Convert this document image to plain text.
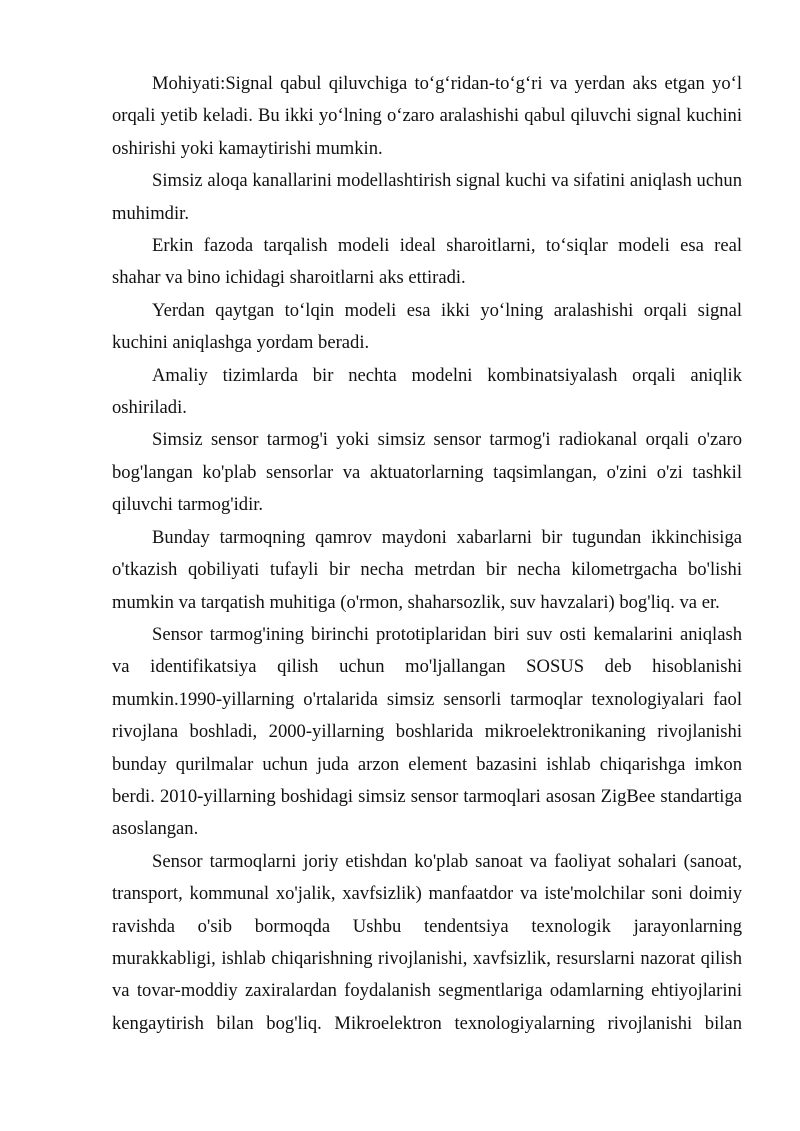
Mohiyati:Signal qabul qiluvchiga to‘g‘ridan-to‘g‘ri va yerdan aks etgan yo‘l orqali yetib keladi. Bu ikki yo‘lning o‘zaro aralashishi qabul qiluvchi signal kuchini oshirishi yoki kamaytirishi mumkin.

Simsiz aloqa kanallarini modellashtirish signal kuchi va sifatini aniqlash uchun muhimdir.

Erkin fazoda tarqalish modeli ideal sharoitlarni, to‘siqlar modeli esa real shahar va bino ichidagi sharoitlarni aks ettiradi.

Yerdan qaytgan to‘lqin modeli esa ikki yo‘lning aralashishi orqali signal kuchini aniqlashga yordam beradi.

Amaliy tizimlarda bir nechta modelni kombinatsiyalash orqali aniqlik oshiriladi.

Simsiz sensor tarmog'i yoki simsiz sensor tarmog'i radiokanal orqali o'zaro bog'langan ko'plab sensorlar va aktuatorlarning taqsimlangan, o'zini o'zi tashkil qiluvchi tarmog'idir.

Bunday tarmoqning qamrov maydoni xabarlarni bir tugundan ikkinchisiga o'tkazish qobiliyati tufayli bir necha metrdan bir necha kilometrgacha bo'lishi mumkin va tarqatish muhitiga (o'rmon, shaharsozlik, suv havzalari) bog'liq. va er.

Sensor tarmog'ining birinchi prototiplaridan biri suv osti kemalarini aniqlash va identifikatsiya qilish uchun mo'ljallangan SOSUS deb hisoblanishi mumkin.1990-yillarning o'rtalarida simsiz sensorli tarmoqlar texnologiyalari faol rivojlana boshladi, 2000-yillarning boshlarida mikroelektronikaning rivojlanishi bunday qurilmalar uchun juda arzon element bazasini ishlab chiqarishga imkon berdi. 2010-yillarning boshidagi simsiz sensor tarmoqlari asosan ZigBee standartiga asoslangan.

Sensor tarmoqlarni joriy etishdan ko'plab sanoat va faoliyat sohalari (sanoat, transport, kommunal xo'jalik, xavfsizlik) manfaatdor va iste'molchilar soni doimiy ravishda o'sib bormoqda Ushbu tendentsiya texnologik jarayonlarning murakkabligi, ishlab chiqarishning rivojlanishi, xavfsizlik, resurslarni nazorat qilish va tovar-moddiy zaxiralardan foydalanish segmentlariga odamlarning ehtiyojlarini kengaytirish bilan bog'liq. Mikroelektron texnologiyalarning rivojlanishi bilan
